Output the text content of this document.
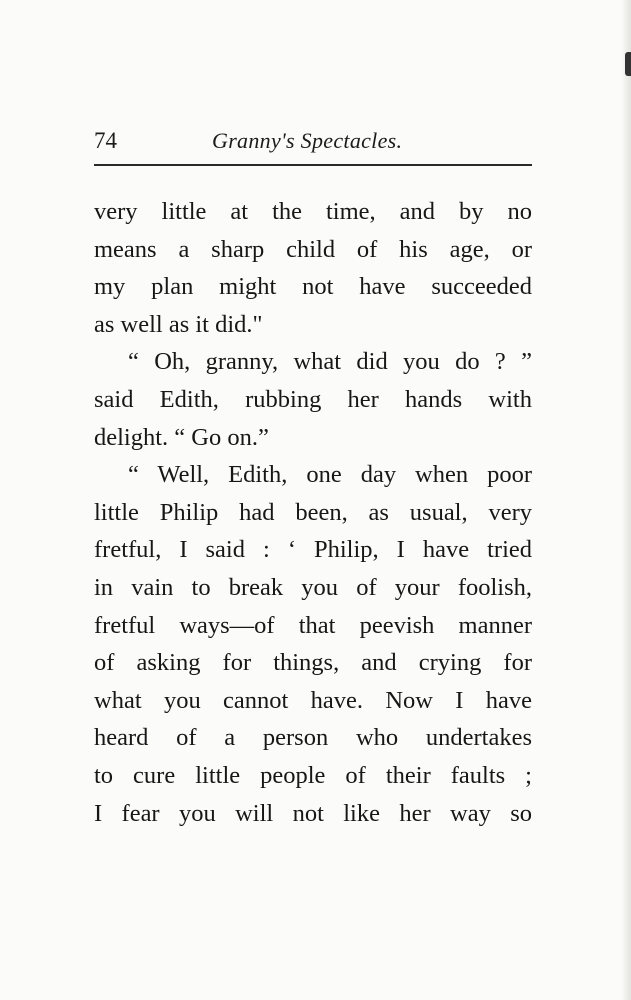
74	Granny's Spectacles.
very little at the time, and by no
means a sharp child of his age, or
my plan might not have succeeded
as well as it did."
“ Oh, granny, what did you do ? ”
said Edith, rubbing her hands with
delight. “ Go on.”
“ Well, Edith, one day when poor
little Philip had been, as usual, very
fretful, I said : ‘ Philip, I have tried
in vain to break you of your foolish,
fretful ways—of that peevish manner
of asking for things, and crying for
what you cannot have. Now I have
heard of a person who undertakes
to cure little people of their faults ;
I fear you will not like her way so
